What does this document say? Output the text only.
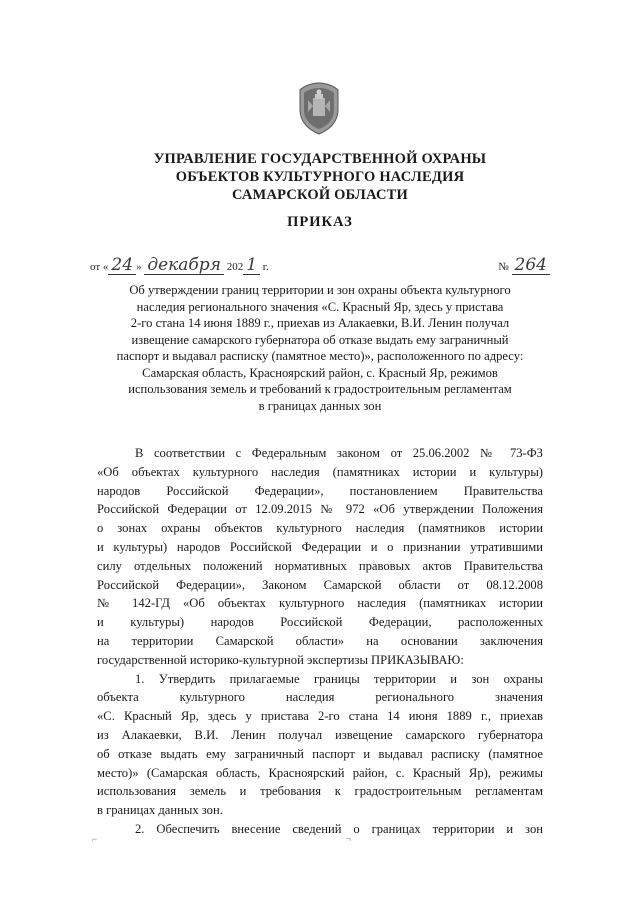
УПРАВЛЕНИЕ ГОСУДАРСТВЕННОЙ ОХРАНЫ
ОБЪЕКТОВ КУЛЬТУРНОГО НАСЛЕДИЯ
САМАРСКОЙ ОБЛАСТИ
ПРИКАЗ
от « 24 » декабря 202 1 г.	№ 264
Об утверждении границ территории и зон охраны объекта культурного
наследия регионального значения «С. Красный Яр, здесь у пристава
2-го стана 14 июня 1889 г., приехав из Алакаевки, В.И. Ленин получал
извещение самарского губернатора об отказе выдать ему заграничный
паспорт и выдавал расписку (памятное место)», расположенного по адресу:
Самарская область, Красноярский район, с. Красный Яр, режимов
использования земель и требований к градостроительным регламентам
в границах данных зон
В соответствии с Федеральным законом от 25.06.2002 № 73-ФЗ
«Об объектах культурного наследия (памятниках истории и культуры)
народов Российской Федерации», постановлением Правительства
Российской Федерации от 12.09.2015 № 972 «Об утверждении Положения
о зонах охраны объектов культурного наследия (памятников истории
и культуры) народов Российской Федерации и о признании утратившими
силу отдельных положений нормативных правовых актов Правительства
Российской Федерации», Законом Самарской области от 08.12.2008
№ 142-ГД «Об объектах культурного наследия (памятниках истории
и культуры) народов Российской Федерации, расположенных
на территории Самарской области» на основании заключения
государственной историко-культурной экспертизы ПРИКАЗЫВАЮ:
1. Утвердить прилагаемые границы территории и зон охраны
объекта культурного наследия регионального значения
«С. Красный Яр, здесь у пристава 2-го стана 14 июня 1889 г., приехав
из Алакаевки, В.И. Ленин получал извещение самарского губернатора
об отказе выдать ему заграничный паспорт и выдавал расписку (памятное
место)» (Самарская область, Красноярский район, с. Красный Яр), режимы
использования земель и требования к градостроительным регламентам
в границах данных зон.
2. Обеспечить внесение сведений о границах территории и зон
⌐	¬
